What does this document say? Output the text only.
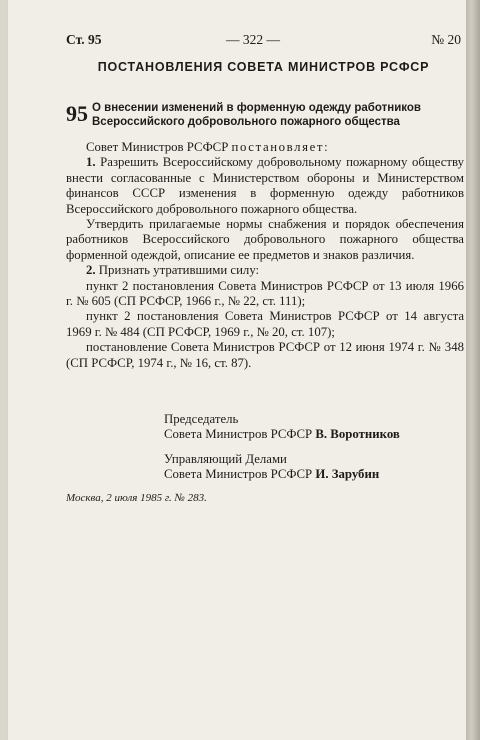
Ст. 95	— 322 —	№ 20
ПОСТАНОВЛЕНИЯ СОВЕТА МИНИСТРОВ РСФСР
95 О внесении изменений в форменную одежду работников
Всероссийского добровольного пожарного общества

Совет Министров РСФСР постановляет:

1. Разрешить Всероссийскому добровольному пожарному обществу внести согласованные с Министерством обороны и Министерством финансов СССР изменения в форменную одежду работников Всероссийского добровольного пожарного общества.

Утвердить прилагаемые нормы снабжения и порядок обеспечения работников Всероссийского добровольного пожарного общества форменной одеждой, описание ее предметов и знаков различия.

2. Признать утратившими силу:

пункт 2 постановления Совета Министров РСФСР от 13 июля 1966 г. № 605 (СП РСФСР, 1966 г., № 22, ст. 111);

пункт 2 постановления Совета Министров РСФСР от 14 августа 1969 г. № 484 (СП РСФСР, 1969 г., № 20, ст. 107);

постановление Совета Министров РСФСР от 12 июня 1974 г. № 348 (СП РСФСР, 1974 г., № 16, ст. 87).

Председатель
Совета Министров РСФСР В. Воротников
Управляющий Делами
Совета Министров РСФСР И. Зарубин
Москва, 2 июля 1985 г. № 283.
